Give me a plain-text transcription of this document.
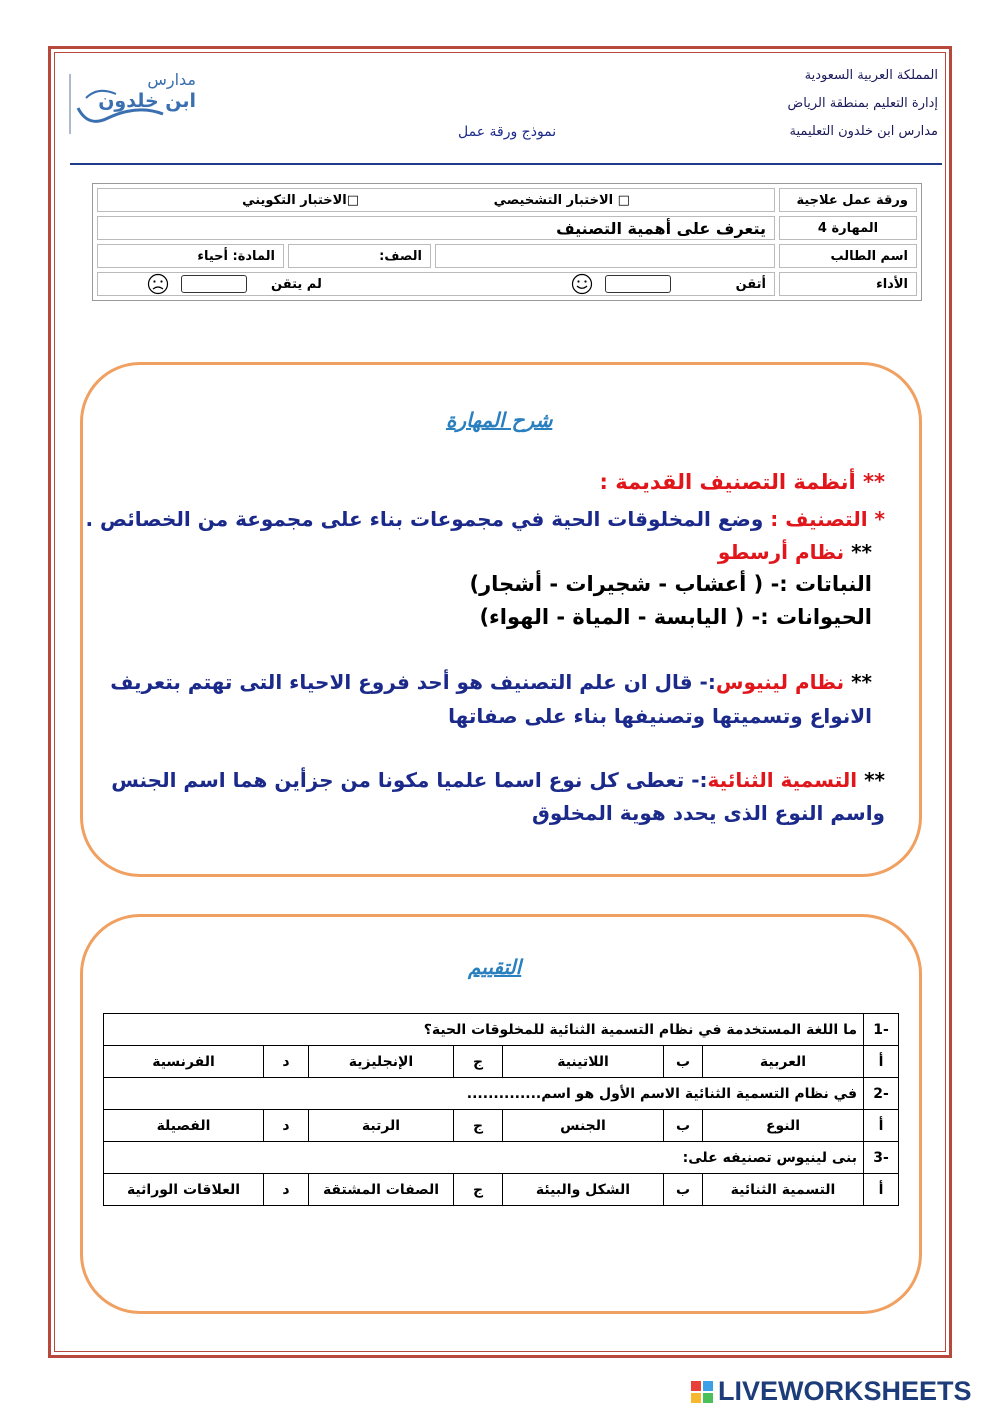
المملكة العربية السعودية
إدارة التعليم بمنطقة الرياض
مدارس ابن خلدون التعليمية
نموذج ورقة عمل
مدارس
ابن خلدون
ورقة عمل علاجية	□ الاختبار التشخيصي □الاختبار التكويني		
المهارة 4	يتعرف على أهمية التصنيف		
اسم الطالب		الصف:	المادة: أحياء
الأداء	أتقن    لم يتقن		
شرح المهارة
** أنظمة التصنيف القديمة :
* التصنيف : وضع المخلوقات الحية في مجموعات بناء على مجموعة من الخصائص .
** نظام أرسطو
النباتات :- ( أعشاب - شجيرات - أشجار)
الحيوانات :- ( اليابسة - المياة - الهواء)
** نظام لينيوس:- قال ان علم التصنيف هو أحد فروع الاحياء التى تهتم بتعريف
الانواع وتسميتها وتصنيفها بناء على صفاتها
** التسمية الثنائية:- تعطى كل نوع اسما علميا مكونا من جزأين هما اسم الجنس
واسم النوع الذى يحدد هوية المخلوق
التقييم
-1	ما اللغة المستخدمة في نظام التسمية الثنائية للمخلوقات الحية؟						
أ	العربية	ب	اللاتينية	ج	الإنجليزية	د	الفرنسية
-2	في نظام التسمية الثنائية الاسم الأول هو اسم..............						
أ	النوع	ب	الجنس	ج	الرتبة	د	الفصيلة
-3	بنى لينيوس تصنيفه على:						
أ	التسمية الثنائية	ب	الشكل والبيئة	ج	الصفات المشتقة	د	العلاقات الوراثية
LIVEWORKSHEETS
